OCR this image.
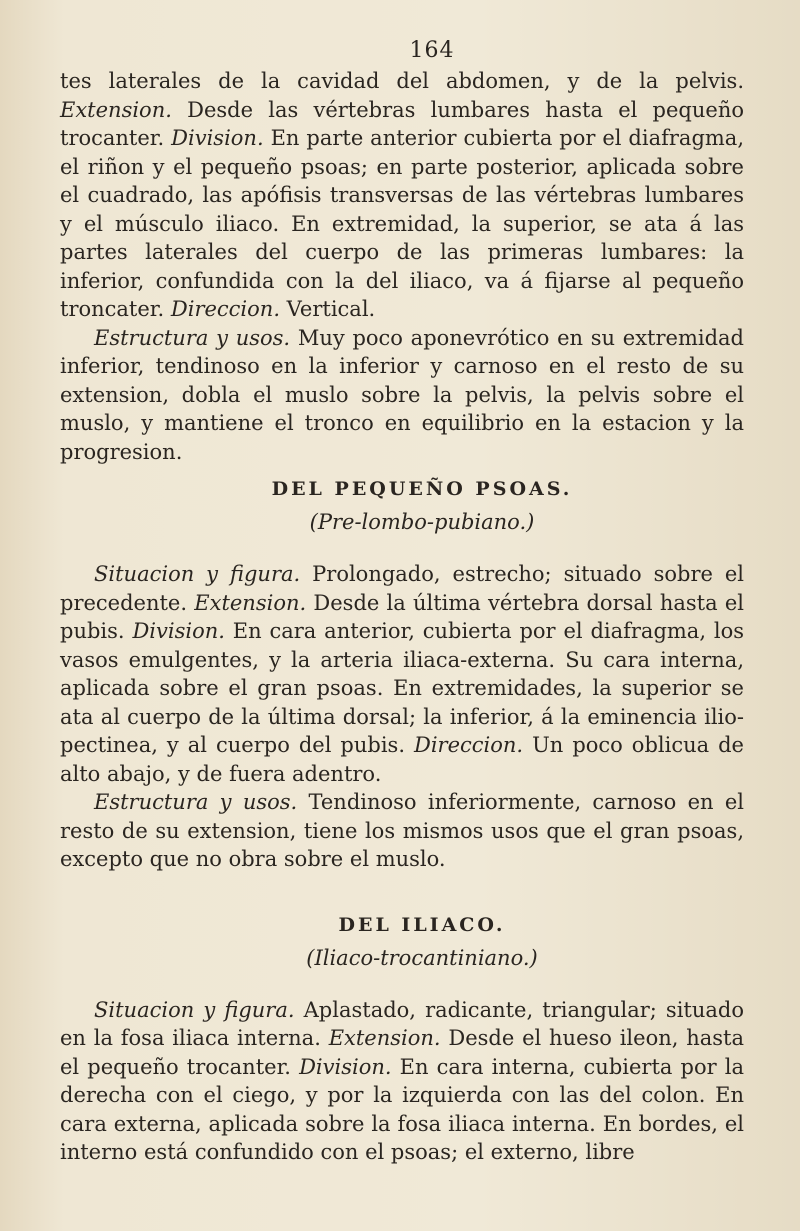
164

tes laterales de la cavidad del abdomen, y de la pelvis. Extension. Desde las vértebras lumbares hasta el pequeño trocanter. Division. En parte anterior cubierta por el diafragma, el riñon y el pequeño psoas; en parte posterior, aplicada sobre el cuadrado, las apófisis transversas de las vértebras lumbares y el músculo iliaco. En extremidad, la superior, se ata á las partes laterales del cuerpo de las primeras lumbares: la inferior, confundida con la del iliaco, va á fijarse al pequeño troncater. Direccion. Vertical.

Estructura y usos. Muy poco aponevrótico en su extremidad inferior, tendinoso en la inferior y carnoso en el resto de su extension, dobla el muslo sobre la pelvis, la pelvis sobre el muslo, y mantiene el tronco en equilibrio en la estacion y la progresion.

DEL PEQUEÑO PSOAS.
(Pre-lombo-pubiano.)

Situacion y figura. Prolongado, estrecho; situado sobre el precedente. Extension. Desde la última vértebra dorsal hasta el pubis. Division. En cara anterior, cubierta por el diafragma, los vasos emulgentes, y la arteria iliaca-externa. Su cara interna, aplicada sobre el gran psoas. En extremidades, la superior se ata al cuerpo de la última dorsal; la inferior, á la eminencia ilio-pectinea, y al cuerpo del pubis. Direccion. Un poco oblicua de alto abajo, y de fuera adentro.

Estructura y usos. Tendinoso inferiormente, carnoso en el resto de su extension, tiene los mismos usos que el gran psoas, excepto que no obra sobre el muslo.

DEL ILIACO.
(Iliaco-trocantiniano.)

Situacion y figura. Aplastado, radicante, triangular; situado en la fosa iliaca interna. Extension. Desde el hueso ileon, hasta el pequeño trocanter. Division. En cara interna, cubierta por la derecha con el ciego, y por la izquierda con las del colon. En cara externa, aplicada sobre la fosa iliaca interna. En bordes, el interno está confundido con el psoas; el externo, libre
